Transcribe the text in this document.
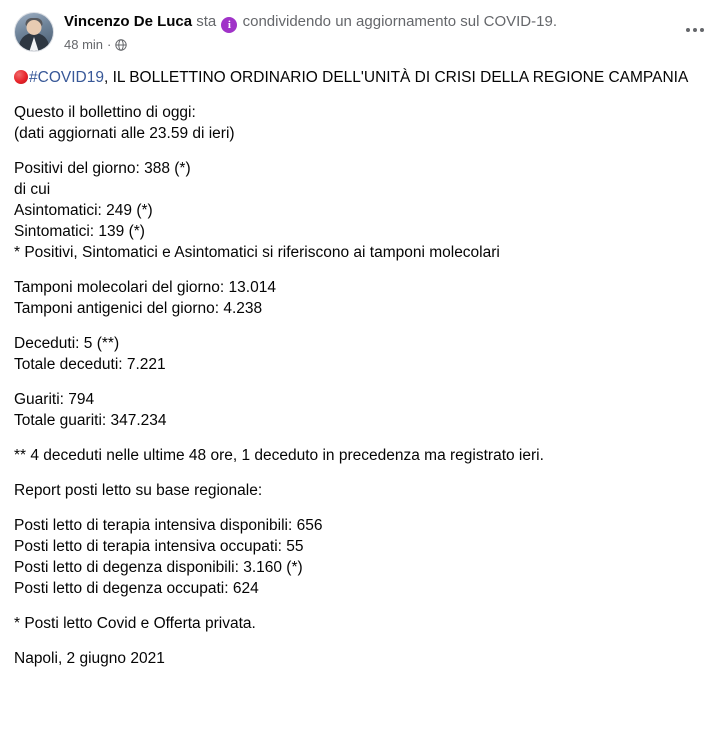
Vincenzo De Luca sta i condividendo un aggiornamento sul COVID-19.
48 min ·

#COVID19, IL BOLLETTINO ORDINARIO DELL'UNITÀ DI CRISI DELLA REGIONE CAMPANIA

Questo il bollettino di oggi:
(dati aggiornati alle 23.59 di ieri)

Positivi del giorno: 388 (*)
di cui
Asintomatici: 249 (*)
Sintomatici: 139 (*)
* Positivi, Sintomatici e Asintomatici si riferiscono ai tamponi molecolari

Tamponi molecolari del giorno: 13.014
Tamponi antigenici del giorno: 4.238

Deceduti: 5 (**)
Totale deceduti: 7.221

Guariti: 794
Totale guariti: 347.234

** 4 deceduti nelle ultime 48 ore, 1 deceduto in precedenza ma registrato ieri.

Report posti letto su base regionale:

Posti letto di terapia intensiva disponibili: 656
Posti letto di terapia intensiva occupati: 55
Posti letto di degenza disponibili: 3.160 (*)
Posti letto di degenza occupati: 624

* Posti letto Covid e Offerta privata.

Napoli, 2 giugno 2021
